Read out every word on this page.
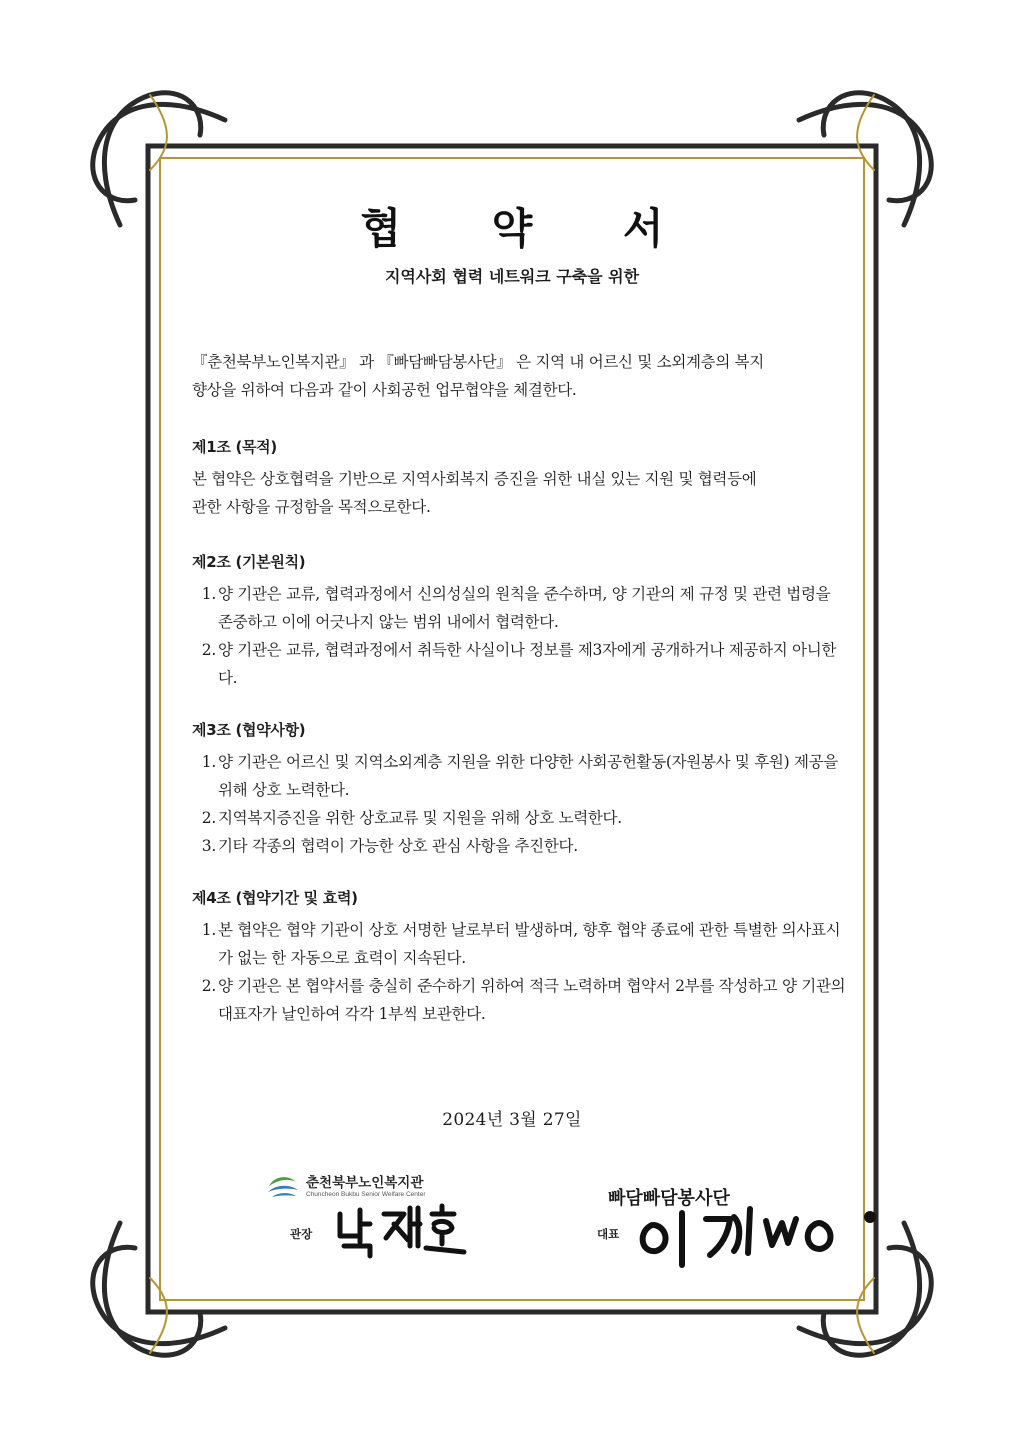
협 약 서
지역사회 협력 네트워크 구축을 위한
『춘천북부노인복지관』 과 『빠담빠담봉사단』 은 지역 내 어르신 및 소외계층의 복지
향상을 위하여 다음과 같이 사회공헌 업무협약을 체결한다.
제1조 (목적)
본 협약은 상호협력을 기반으로 지역사회복지 증진을 위한 내실 있는 지원 및 협력등에
관한 사항을 규정함을 목적으로한다.
제2조 (기본원칙)
1. 양 기관은 교류, 협력과정에서 신의성실의 원칙을 준수하며, 양 기관의 제 규정 및 관련 법령을 존중하고 이에 어긋나지 않는 범위 내에서 협력한다.
2. 양 기관은 교류, 협력과정에서 취득한 사실이나 정보를 제3자에게 공개하거나 제공하지 아니한다.
제3조 (협약사항)
1. 양 기관은 어르신 및 지역소외계층 지원을 위한 다양한 사회공헌활동(자원봉사 및 후원) 제공을 위해 상호 노력한다.
2. 지역복지증진을 위한 상호교류 및 지원을 위해 상호 노력한다.
3. 기타 각종의 협력이 가능한 상호 관심 사항을 추진한다.
제4조 (협약기간 및 효력)
1. 본 협약은 협약 기관이 상호 서명한 날로부터 발생하며, 향후 협약 종료에 관한 특별한 의사표시가 없는 한 자동으로 효력이 지속된다.
2. 양 기관은 본 협약서를 충실히 준수하기 위하여 적극 노력하며 협약서 2부를 작성하고 양 기관의 대표자가 날인하여 각각 1부씩 보관한다.
2024년 3월 27일
춘천북부노인복지관
Chuncheon Bukbu Senior Welfare Center
관장
빠담빠담봉사단
대표
